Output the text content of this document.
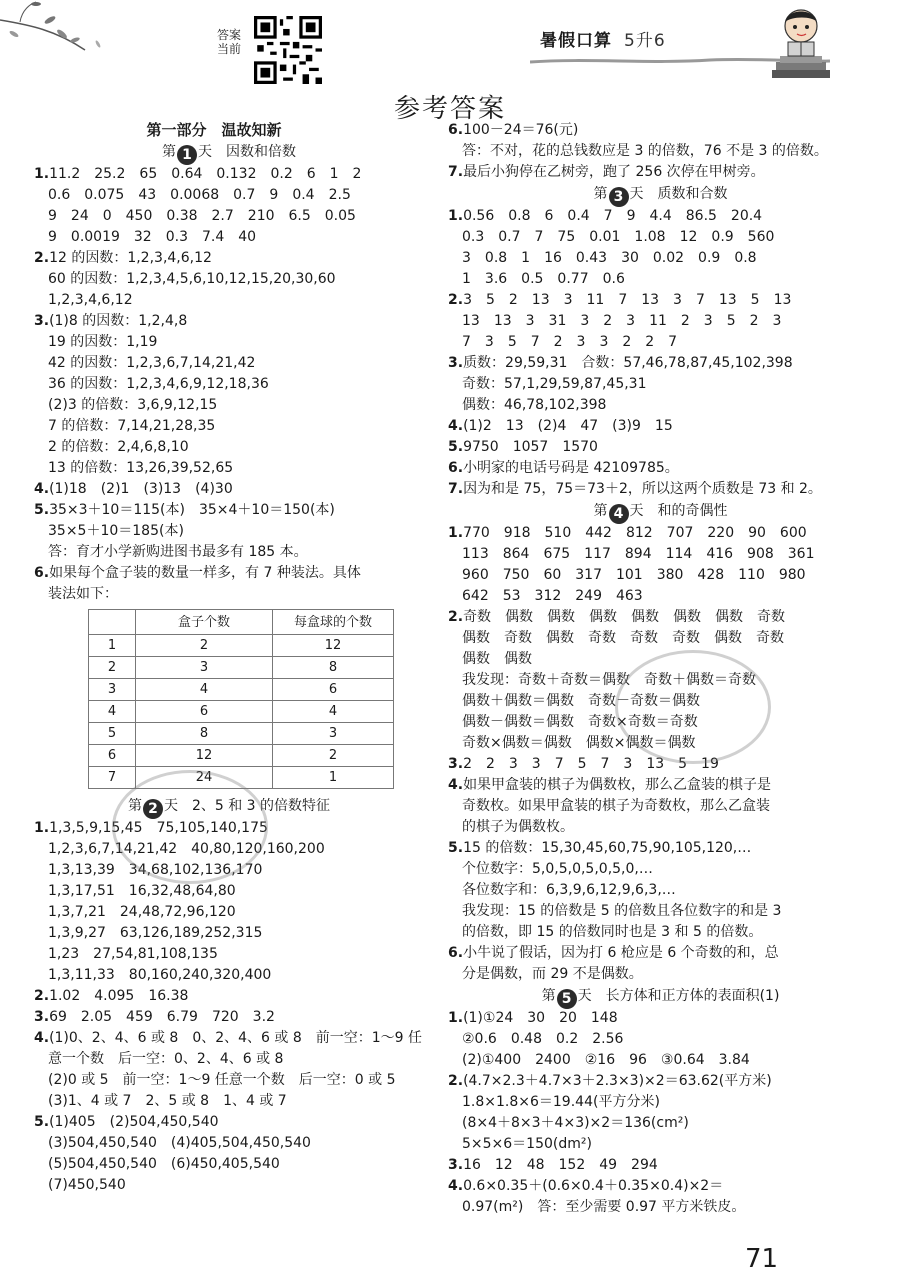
答案当前	暑假口算 5升6
参考答案
第一部分　温故知新
第 1 天 因数和倍数
1.11.2　25.2　65　0.64　0.132　0.2　6　1　2
0.6　0.075　43　0.0068　0.7　9　0.4　2.5
9　24　0　450　0.38　2.7　210　6.5　0.05
9　0.0019　32　0.3　7.4　40
2.12 的因数：1,2,3,4,6,12
60 的因数：1,2,3,4,5,6,10,12,15,20,30,60
1,2,3,4,6,12
3.(1)8 的因数：1,2,4,8
19 的因数：1,19
42 的因数：1,2,3,6,7,14,21,42
36 的因数：1,2,3,4,6,9,12,18,36
(2)3 的倍数：3,6,9,12,15
7 的倍数：7,14,21,28,35
2 的倍数：2,4,6,8,10
13 的倍数：13,26,39,52,65
4.(1)18　(2)1　(3)13　(4)30
5.35×3＋10＝115(本)　35×4＋10＝150(本)
35×5＋10＝185(本)
答：育才小学新购进图书最多有 185 本。
6.如果每个盒子装的数量一样多，有 7 种装法。具体
装法如下：
	盒子个数	每盒球的个数
1	2	12
2	3	8
3	4	6
4	6	4
5	8	3
6	12	2
7	24	1
第 2 天 2、5 和 3 的倍数特征
1.1,3,5,9,15,45　75,105,140,175
1,2,3,6,7,14,21,42　40,80,120,160,200
1,3,13,39　34,68,102,136,170
1,3,17,51　16,32,48,64,80
1,3,7,21　24,48,72,96,120
1,3,9,27　63,126,189,252,315
1,23　27,54,81,108,135
1,3,11,33　80,160,240,320,400
2.1.02　4.095　16.38
3.69　2.05　459　6.79　720　3.2
4.(1)0、2、4、6 或 8　0、2、4、6 或 8　前一空：1～9 任
意一个数　后一空：0、2、4、6 或 8
(2)0 或 5　前一空：1～9 任意一个数　后一空：0 或 5
(3)1、4 或 7　2、5 或 8　1、4 或 7
5.(1)405　(2)504,450,540
(3)504,450,540　(4)405,504,450,540
(5)504,450,540　(6)450,405,540
(7)450,540
6.100－24＝76(元)
答：不对，花的总钱数应是 3 的倍数，76 不是 3 的倍数。
7.最后小狗停在乙树旁，跑了 256 次停在甲树旁。
第 3 天 质数和合数
1.0.56　0.8　6　0.4　7　9　4.4　86.5　20.4
0.3　0.7　7　75　0.01　1.08　12　0.9　560
3　0.8　1　16　0.43　30　0.02　0.9　0.8
1　3.6　0.5　0.77　0.6
2.3　5　2　13　3　11　7　13　3　7　13　5　13
13　13　3　31　3　2　3　11　2　3　5　2　3
7　3　5　7　2　3　3　2　2　7
3.质数：29,59,31　合数：57,46,78,87,45,102,398
奇数：57,1,29,59,87,45,31
偶数：46,78,102,398
4.(1)2　13　(2)4　47　(3)9　15
5.9750　1057　1570
6.小明家的电话号码是 42109785。
7.因为和是 75，75＝73＋2，所以这两个质数是 73 和 2。
第 4 天 和的奇偶性
1.770　918　510　442　812　707　220　90　600
113　864　675　117　894　114　416　908　361
960　750　60　317　101　380　428　110　980
642　53　312　249　463
2.奇数　偶数　偶数　偶数　偶数　偶数　偶数　奇数
偶数　奇数　偶数　奇数　奇数　奇数　偶数　奇数
偶数　偶数
我发现：奇数＋奇数＝偶数　奇数＋偶数＝奇数
偶数＋偶数＝偶数　奇数－奇数＝偶数
偶数－偶数＝偶数　奇数×奇数＝奇数
奇数×偶数＝偶数　偶数×偶数＝偶数
3.2　2　3　3　7　5　7　3　13　5　19
4.如果甲盒装的棋子为偶数枚，那么乙盒装的棋子是
奇数枚。如果甲盒装的棋子为奇数枚，那么乙盒装
的棋子为偶数枚。
5.15 的倍数：15,30,45,60,75,90,105,120,…
个位数字：5,0,5,0,5,0,5,0,…
各位数字和：6,3,9,6,12,9,6,3,…
我发现：15 的倍数是 5 的倍数且各位数字的和是 3
的倍数，即 15 的倍数同时也是 3 和 5 的倍数。
6.小牛说了假话，因为打 6 枪应是 6 个奇数的和，总
分是偶数，而 29 不是偶数。
第 5 天 长方体和正方体的表面积(1)
1.(1)①24　30　20　148
②0.6　0.48　0.2　2.56
(2)①400　2400　②16　96　③0.64　3.84
2.(4.7×2.3＋4.7×3＋2.3×3)×2＝63.62(平方米)
1.8×1.8×6＝19.44(平方分米)
(8×4＋8×3＋4×3)×2＝136(cm²)
5×5×6＝150(dm²)
3.16　12　48　152　49　294
4.0.6×0.35＋(0.6×0.4＋0.35×0.4)×2＝
0.97(m²)　答：至少需要 0.97 平方米铁皮。
71
